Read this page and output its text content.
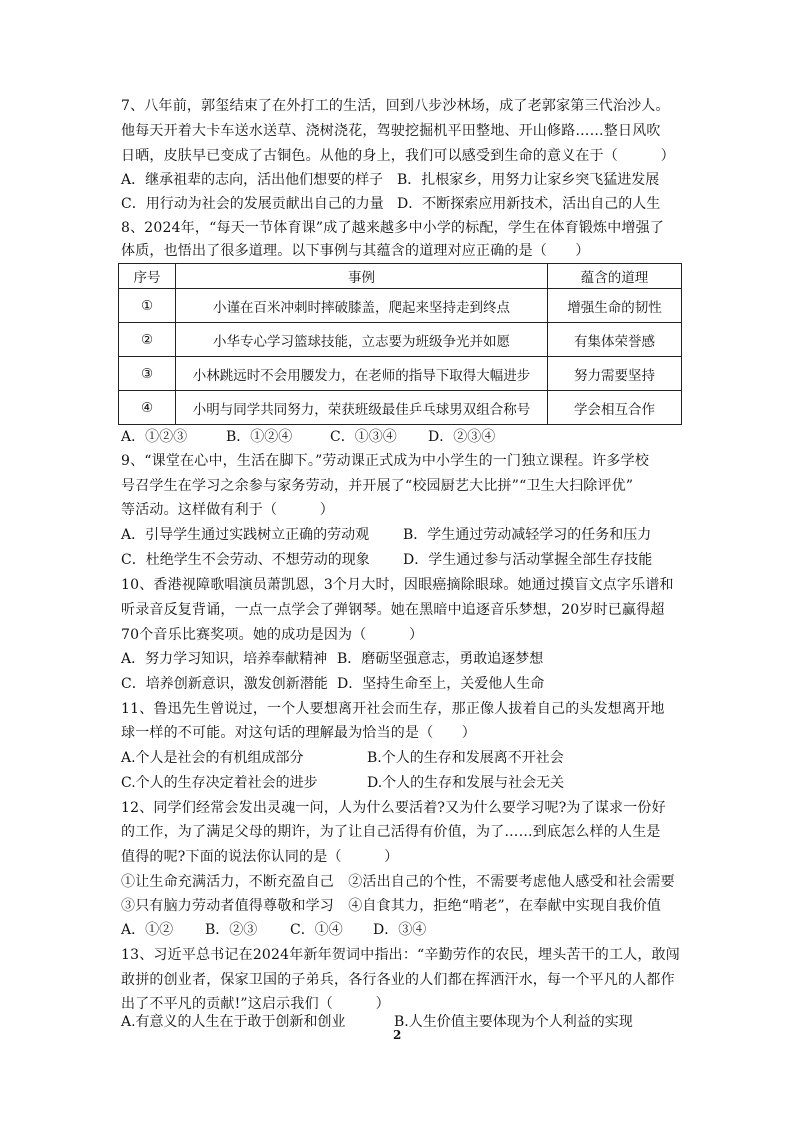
7、八年前，郭玺结束了在外打工的生活，回到八步沙林场，成了老郭家第三代治沙人。
他每天开着大卡车送水送草、浇树浇花，驾驶挖掘机平田整地、开山修路……整日风吹
日晒，皮肤早已变成了古铜色。从他的身上，我们可以感受到生命的意义在于（　　　）
A．继承祖辈的志向，活出他们想要的样子 B．扎根家乡，用努力让家乡突飞猛进发展
C．用行动为社会的发展贡献出自己的力量 D．不断探索应用新技术，活出自己的人生
8、2024年，“每天一节体育课”成了越来越多中小学的标配，学生在体育锻炼中增强了
体质，也悟出了很多道理。以下事例与其蕴含的道理对应正确的是（　　）
序号	事例	蕴含的道理
①	小谨在百米冲刺时摔破膝盖，爬起来坚持走到终点	增强生命的韧性
②	小华专心学习篮球技能，立志要为班级争光并如愿	有集体荣誉感
③	小林跳远时不会用腰发力，在老师的指导下取得大幅进步	努力需要坚持
④	小明与同学共同努力，荣获班级最佳乒乓球男双组合称号	学会相互合作
A．①②③	B．①②④	C．①③④ D．②③④
9、“课堂在心中，生活在脚下。”劳动课正式成为中小学生的一门独立课程。许多学校
号召学生在学习之余参与家务劳动，并开展了“校园厨艺大比拼”“卫生大扫除评优”
等活动。这样做有利于（　　　）
A．引导学生通过实践树立正确的劳动观 B．学生通过劳动减轻学习的任务和压力
C．杜绝学生不会劳动、不想劳动的现象 D．学生通过参与活动掌握全部生存技能
10、香港视障歌唱演员萧凯恩，3个月大时，因眼癌摘除眼球。她通过摸盲文点字乐谱和
听录音反复背诵，一点一点学会了弹钢琴。她在黑暗中追逐音乐梦想，20岁时已赢得超
70个音乐比赛奖项。她的成功是因为（　　　）
A．努力学习知识，培养奉献精神 B．磨砺坚强意志，勇敢追逐梦想
C．培养创新意识，激发创新潜能 D．坚持生命至上，关爱他人生命
11、鲁迅先生曾说过，一个人要想离开社会而生存，那正像人拔着自己的头发想离开地
球一样的不可能。对这句话的理解最为恰当的是（　　）
A.个人是社会的有机组成部分	B.个人的生存和发展离不开社会
C.个人的生存决定着社会的进步	D.个人的生存和发展与社会无关
12、同学们经常会发出灵魂一问，人为什么要活着?又为什么要学习呢?为了谋求一份好
的工作，为了满足父母的期许，为了让自己活得有价值，为了……到底怎么样的人生是
值得的呢?下面的说法你认同的是（　　　）
①让生命充满活力，不断充盈自己　②活出自己的个性，不需要考虑他人感受和社会需要
③只有脑力劳动者值得尊敬和学习　④自食其力，拒绝“啃老”，在奉献中实现自我价值
A．①② B．②③ C．①④ D．③④
13、习近平总书记在2024年新年贺词中指出：“辛勤劳作的农民，埋头苦干的工人，敢闯
敢拼的创业者，保家卫国的子弟兵，各行各业的人们都在挥洒汗水，每一个平凡的人都作
出了不平凡的贡献!”这启示我们（　　　）
A.有意义的人生在于敢于创新和创业	B.人生价值主要体现为个人利益的实现
2
